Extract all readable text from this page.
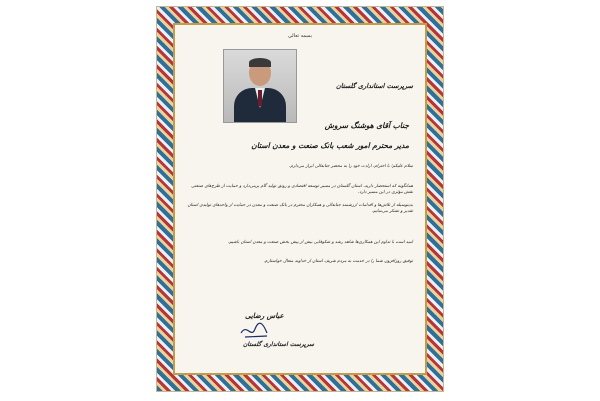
بسمه تعالی
سرپرست استانداری گلستان
جناب آقای هوشنگ سروش
مدیر محترم امور شعب بانک صنعت و معدن استان
سلام علیکم؛ با احترام، ارادت خود را به محضر جنابعالی ابراز می‌دارم.
همانگونه که استحضار دارید، استان گلستان در مسیر توسعه اقتصادی و رونق تولید گام برمی‌دارد و حمایت از طرح‌های صنعتی نقش مؤثری در این مسیر دارد.
بدینوسیله از تلاش‌ها و اقدامات ارزشمند جنابعالی و همکاران محترم در بانک صنعت و معدن در حمایت از واحدهای تولیدی استان تقدیر و تشکر می‌نمایم.
امید است با تداوم این همکاری‌ها شاهد رشد و شکوفایی بیش از پیش بخش صنعت و معدن استان باشیم.
توفیق روزافزون شما را در خدمت به مردم شریف استان از خداوند متعال خواستارم.
عباس رضایی
سرپرست استانداری گلستان
